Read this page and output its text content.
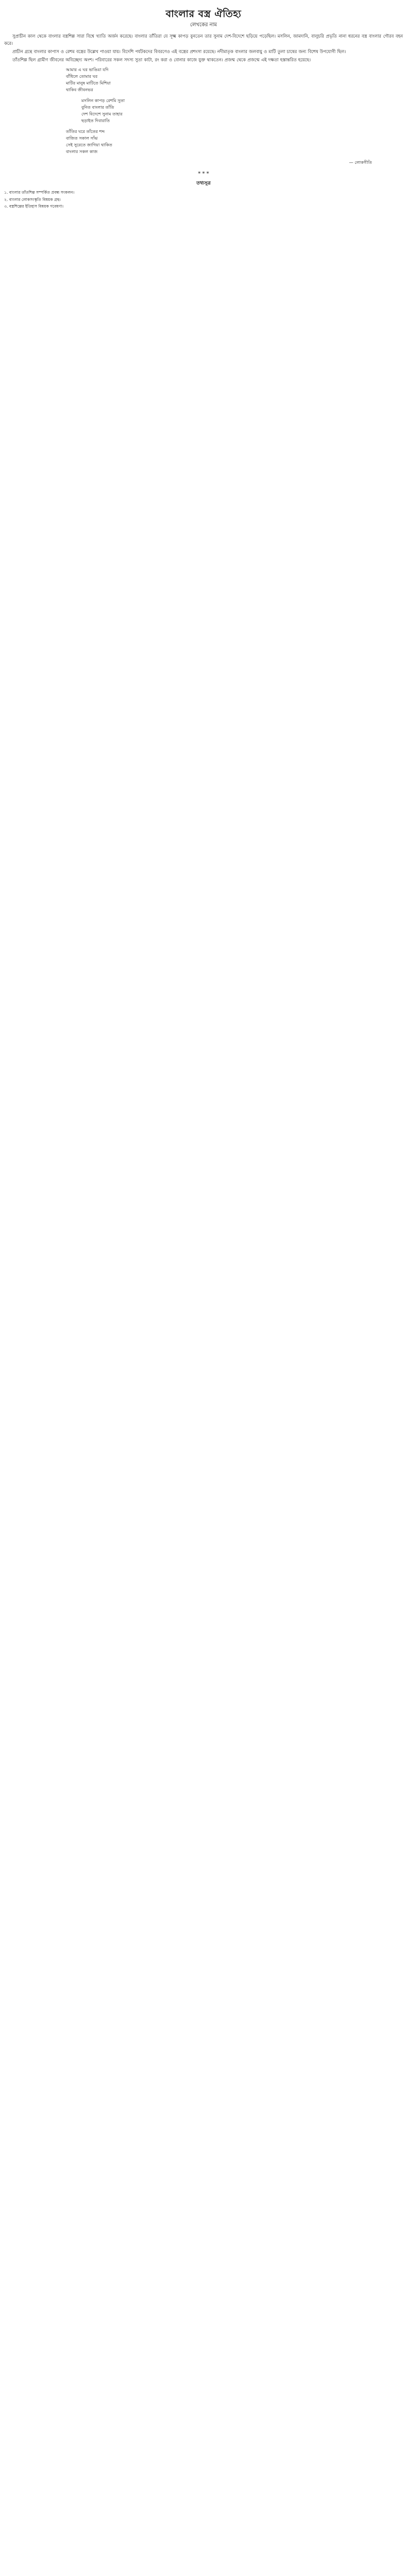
বাংলার বস্ত্র ঐতিহ্য
লেখকের নাম

সুপ্রাচীন কাল থেকে বাংলার বস্ত্রশিল্প সারা বিশ্বে খ্যাতি অর্জন করেছে। বাংলার তাঁতিরা যে সূক্ষ্ম কাপড় বুনতেন তার সুনাম দেশ-বিদেশে ছড়িয়ে পড়েছিল। মসলিন, জামদানি, বালুচরি প্রভৃতি নানা ধরনের বস্ত্র বাংলার গৌরব বহন করে।

প্রাচীন গ্রন্থে বাংলার কাপাস ও রেশম বস্ত্রের উল্লেখ পাওয়া যায়। বিদেশি পর্যটকদের বিবরণেও এই বস্ত্রের প্রশংসা রয়েছে। নদীমাতৃক বাংলার জলবায়ু ও মাটি তুলা চাষের জন্য বিশেষ উপযোগী ছিল।

তাঁতশিল্প ছিল গ্রামীণ জীবনের অবিচ্ছেদ্য অংশ। পরিবারের সকল সদস্য সুতা কাটা, রং করা ও বোনার কাজে যুক্ত থাকতেন। প্রজন্ম থেকে প্রজন্মে এই দক্ষতা হস্তান্তরিত হয়েছে।

আমার এ ঘর ভাঙিয়া যদি
বাঁধিলে তোমার ঘর
মাটির মানুষ মাটিতে মিশিয়া
থাকিব জীবনভর
মসলিন কাপড় রেশমি সুতা
বুনিত বাংলার তাঁতি
দেশ বিদেশে সুনাম তাহার
ছড়াইত দিবারাতি
তাঁতির ঘরে তাঁতের শব্দ
বাজিত সকাল সাঁঝ
সেই সুরেতে জাগিয়া থাকিত
বাংলার সকল কাজ
— লোকগীতি
* * *
তথ্যসূত্র
১. বাংলার তাঁতশিল্প সম্পর্কিত প্রবন্ধ সংকলন।
২. বাংলার লোকসংস্কৃতি বিষয়ক গ্রন্থ।
৩. বস্ত্রশিল্পের ইতিহাস বিষয়ক গবেষণা।
